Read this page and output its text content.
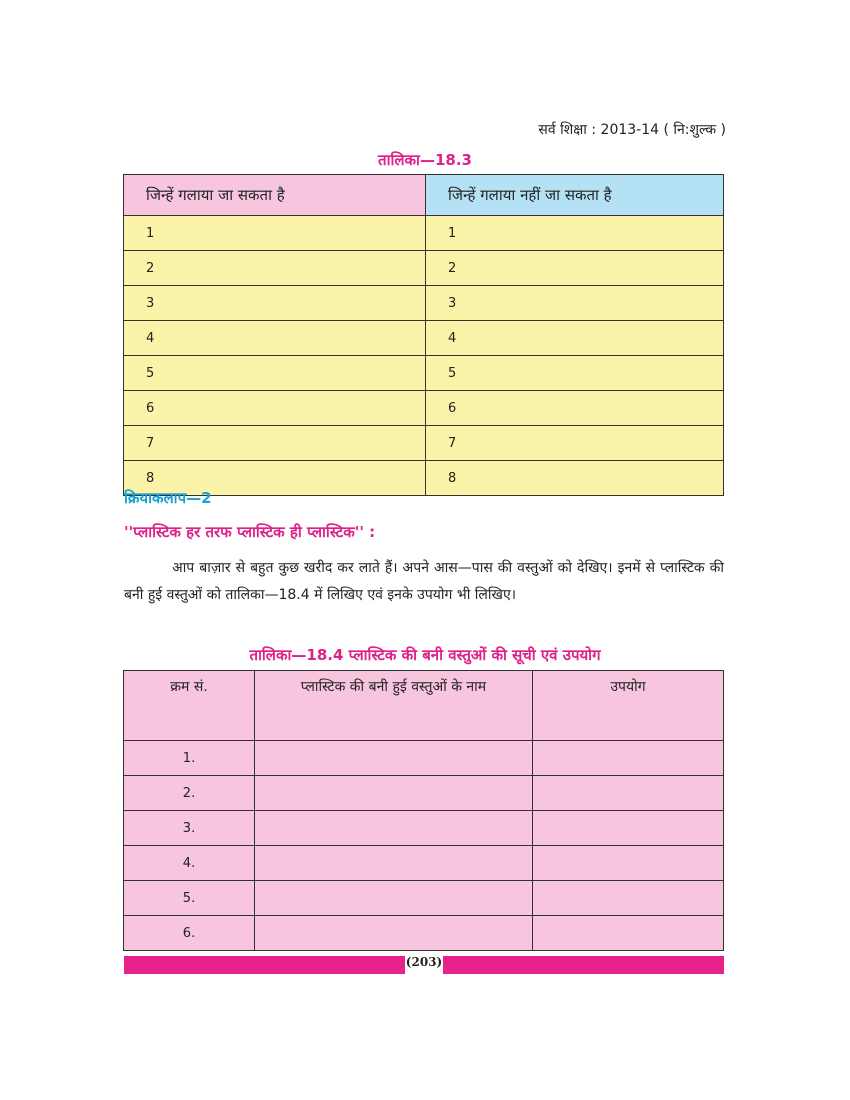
सर्व शिक्षा : 2013-14 ( नि:शुल्क )
तालिका—18.3
जिन्हें गलाया जा सकता है	जिन्हें गलाया नहीं जा सकता है
1	1
2	2
3	3
4	4
5	5
6	6
7	7
8	8
क्रियाकलाप—2
''प्लास्टिक हर तरफ प्लास्टिक ही प्लास्टिक'' :
आप बाज़ार से बहुत कुछ खरीद कर लाते हैं। अपने आस—पास की वस्तुओं को देखिए। इनमें से प्लास्टिक की बनी हुई वस्तुओं को तालिका—18.4 में लिखिए एवं इनके उपयोग भी लिखिए।
तालिका—18.4 प्लास्टिक की बनी वस्तुओं की सूची एवं उपयोग
क्रम सं.	प्लास्टिक की बनी हुई वस्तुओं के नाम	उपयोग
1.		
2.		
3.		
4.		
5.		
6.		
(203)
